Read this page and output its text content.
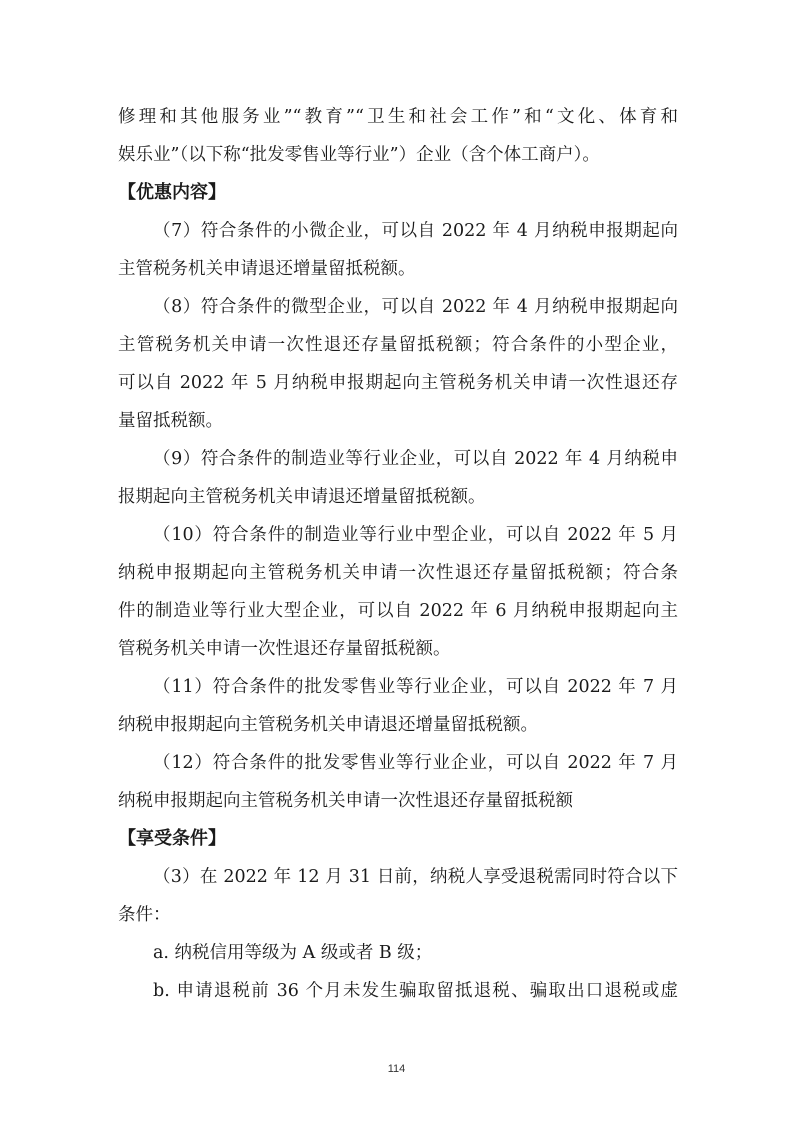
修理和其他服务业”“教育”“卫生和社会工作”和“文化、体育和
娱乐业”（以下称“批发零售业等行业”）企业（含个体工商户）。
【优惠内容】
（7）符合条件的小微企业，可以自 2022 年 4 月纳税申报期起向
主管税务机关申请退还增量留抵税额。
（8）符合条件的微型企业，可以自 2022 年 4 月纳税申报期起向
主管税务机关申请一次性退还存量留抵税额；符合条件的小型企业，
可以自 2022 年 5 月纳税申报期起向主管税务机关申请一次性退还存
量留抵税额。
（9）符合条件的制造业等行业企业，可以自 2022 年 4 月纳税申
报期起向主管税务机关申请退还增量留抵税额。
（10）符合条件的制造业等行业中型企业，可以自 2022 年 5 月
纳税申报期起向主管税务机关申请一次性退还存量留抵税额；符合条
件的制造业等行业大型企业，可以自 2022 年 6 月纳税申报期起向主
管税务机关申请一次性退还存量留抵税额。
（11）符合条件的批发零售业等行业企业，可以自 2022 年 7 月
纳税申报期起向主管税务机关申请退还增量留抵税额。
（12）符合条件的批发零售业等行业企业，可以自 2022 年 7 月
纳税申报期起向主管税务机关申请一次性退还存量留抵税额
【享受条件】
（3）在 2022 年 12 月 31 日前，纳税人享受退税需同时符合以下
条件：
a. 纳税信用等级为 A 级或者 B 级；
b. 申请退税前 36 个月未发生骗取留抵退税、骗取出口退税或虚
114
